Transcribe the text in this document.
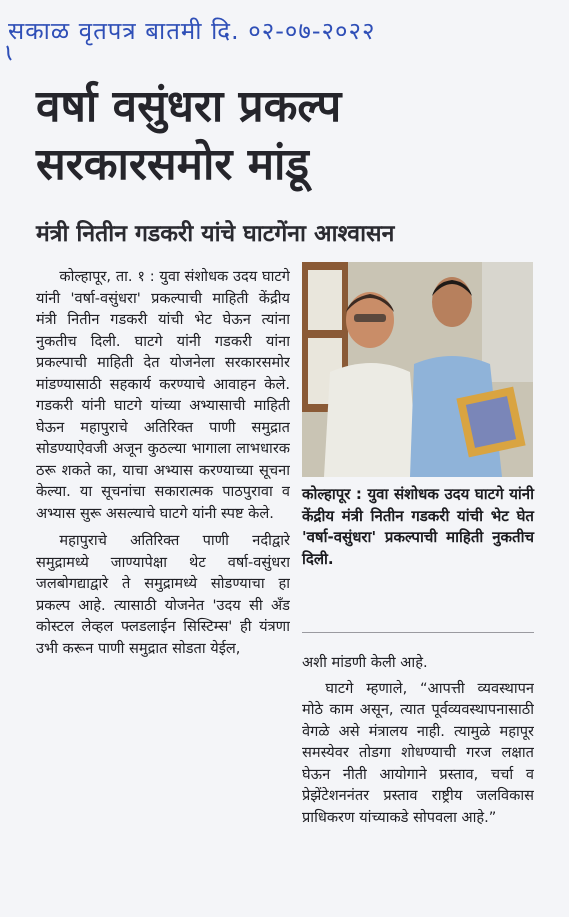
सकाळ वृतपत्र बातमी दि. ०२-०७-२०२२
वर्षा वसुंधरा प्रकल्प
सरकारसमोर मांडू
मंत्री नितीन गडकरी यांचे घाटगेंना आश्वासन

कोल्हापूर, ता. १ : युवा संशोधक उदय घाटगे यांनी 'वर्षा-वसुंधरा' प्रकल्पाची माहिती केंद्रीय मंत्री नितीन गडकरी यांची भेट घेऊन त्यांना नुकतीच दिली. घाटगे यांनी गडकरी यांना प्रकल्पाची माहिती देत योजनेला सरकारसमोर मांडण्यासाठी सहकार्य करण्याचे आवाहन केले. गडकरी यांनी घाटगे यांच्या अभ्यासाची माहिती घेऊन महापुराचे अतिरिक्त पाणी समुद्रात सोडण्याऐवजी अजून कुठल्या भागाला लाभधारक ठरू शकते का, याचा अभ्यास करण्याच्या सूचना केल्या. या सूचनांचा सकारात्मक पाठपुरावा व अभ्यास सुरू असल्याचे घाटगे यांनी स्पष्ट केले.

महापुराचे अतिरिक्त पाणी नदीद्वारे समुद्रामध्ये जाण्यापेक्षा थेट वर्षा-वसुंधरा जलबोगद्याद्वारे ते समुद्रामध्ये सोडण्याचा हा प्रकल्प आहे. त्यासाठी योजनेत 'उदय सी अँड कोस्टल लेव्हल फ्लडलाईन सिस्टिम्स' ही यंत्रणा उभी करून पाणी समुद्रात सोडता येईल,

कोल्हापूर : युवा संशोधक उदय घाटगे यांनी केंद्रीय मंत्री नितीन गडकरी यांची भेट घेत 'वर्षा-वसुंधरा' प्रकल्पाची माहिती नुकतीच दिली.

अशी मांडणी केली आहे.

घाटगे म्हणाले, “आपत्ती व्यवस्थापन मोठे काम असून, त्यात पूर्वव्यवस्थापनासाठी वेगळे असे मंत्रालय नाही. त्यामुळे महापूर समस्येवर तोडगा शोधण्याची गरज लक्षात घेऊन नीती आयोगाने प्रस्ताव, चर्चा व प्रेझेंटेशननंतर प्रस्ताव राष्ट्रीय जलविकास प्राधिकरण यांच्याकडे सोपवला आहे.”
